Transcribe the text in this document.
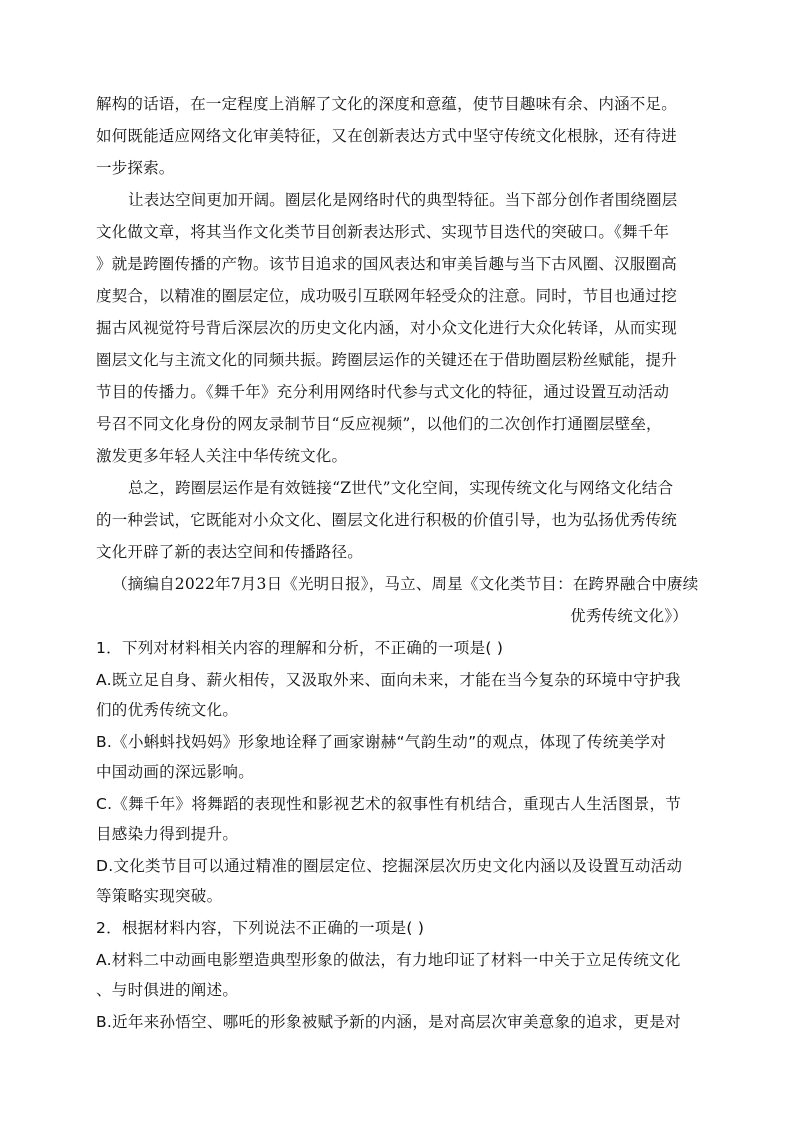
解构的话语，在一定程度上消解了文化的深度和意蕴，使节目趣味有余、内涵不足。
如何既能适应网络文化审美特征，又在创新表达方式中坚守传统文化根脉，还有待进
一步探索。
让表达空间更加开阔。圈层化是网络时代的典型特征。当下部分创作者围绕圈层
文化做文章，将其当作文化类节目创新表达形式、实现节目迭代的突破口。《舞千年
》就是跨圈传播的产物。该节目追求的国风表达和审美旨趣与当下古风圈、汉服圈高
度契合，以精准的圈层定位，成功吸引互联网年轻受众的注意。同时，节目也通过挖
掘古风视觉符号背后深层次的历史文化内涵，对小众文化进行大众化转译，从而实现
圈层文化与主流文化的同频共振。跨圈层运作的关键还在于借助圈层粉丝赋能，提升
节目的传播力。《舞千年》充分利用网络时代参与式文化的特征，通过设置互动活动
号召不同文化身份的网友录制节目“反应视频”，以他们的二次创作打通圈层壁垒，
激发更多年轻人关注中华传统文化。
总之，跨圈层运作是有效链接“Z世代”文化空间，实现传统文化与网络文化结合
的一种尝试，它既能对小众文化、圈层文化进行积极的价值引导，也为弘扬优秀传统
文化开辟了新的表达空间和传播路径。
（摘编自2022年7月3日《光明日报》，马立、周星《文化类节目：在跨界融合中赓续
优秀传统文化》）
1．下列对材料相关内容的理解和分析，不正确的一项是( )
A.既立足自身、薪火相传，又汲取外来、面向未来，才能在当今复杂的环境中守护我
们的优秀传统文化。
B.《小蝌蚪找妈妈》形象地诠释了画家谢赫“气韵生动”的观点，体现了传统美学对
中国动画的深远影响。
C.《舞千年》将舞蹈的表现性和影视艺术的叙事性有机结合，重现古人生活图景，节
目感染力得到提升。
D.文化类节目可以通过精准的圈层定位、挖掘深层次历史文化内涵以及设置互动活动
等策略实现突破。
2．根据材料内容，下列说法不正确的一项是( )
A.材料二中动画电影塑造典型形象的做法，有力地印证了材料一中关于立足传统文化
、与时俱进的阐述。
B.近年来孙悟空、哪吒的形象被赋予新的内涵，是对高层次审美意象的追求，更是对
